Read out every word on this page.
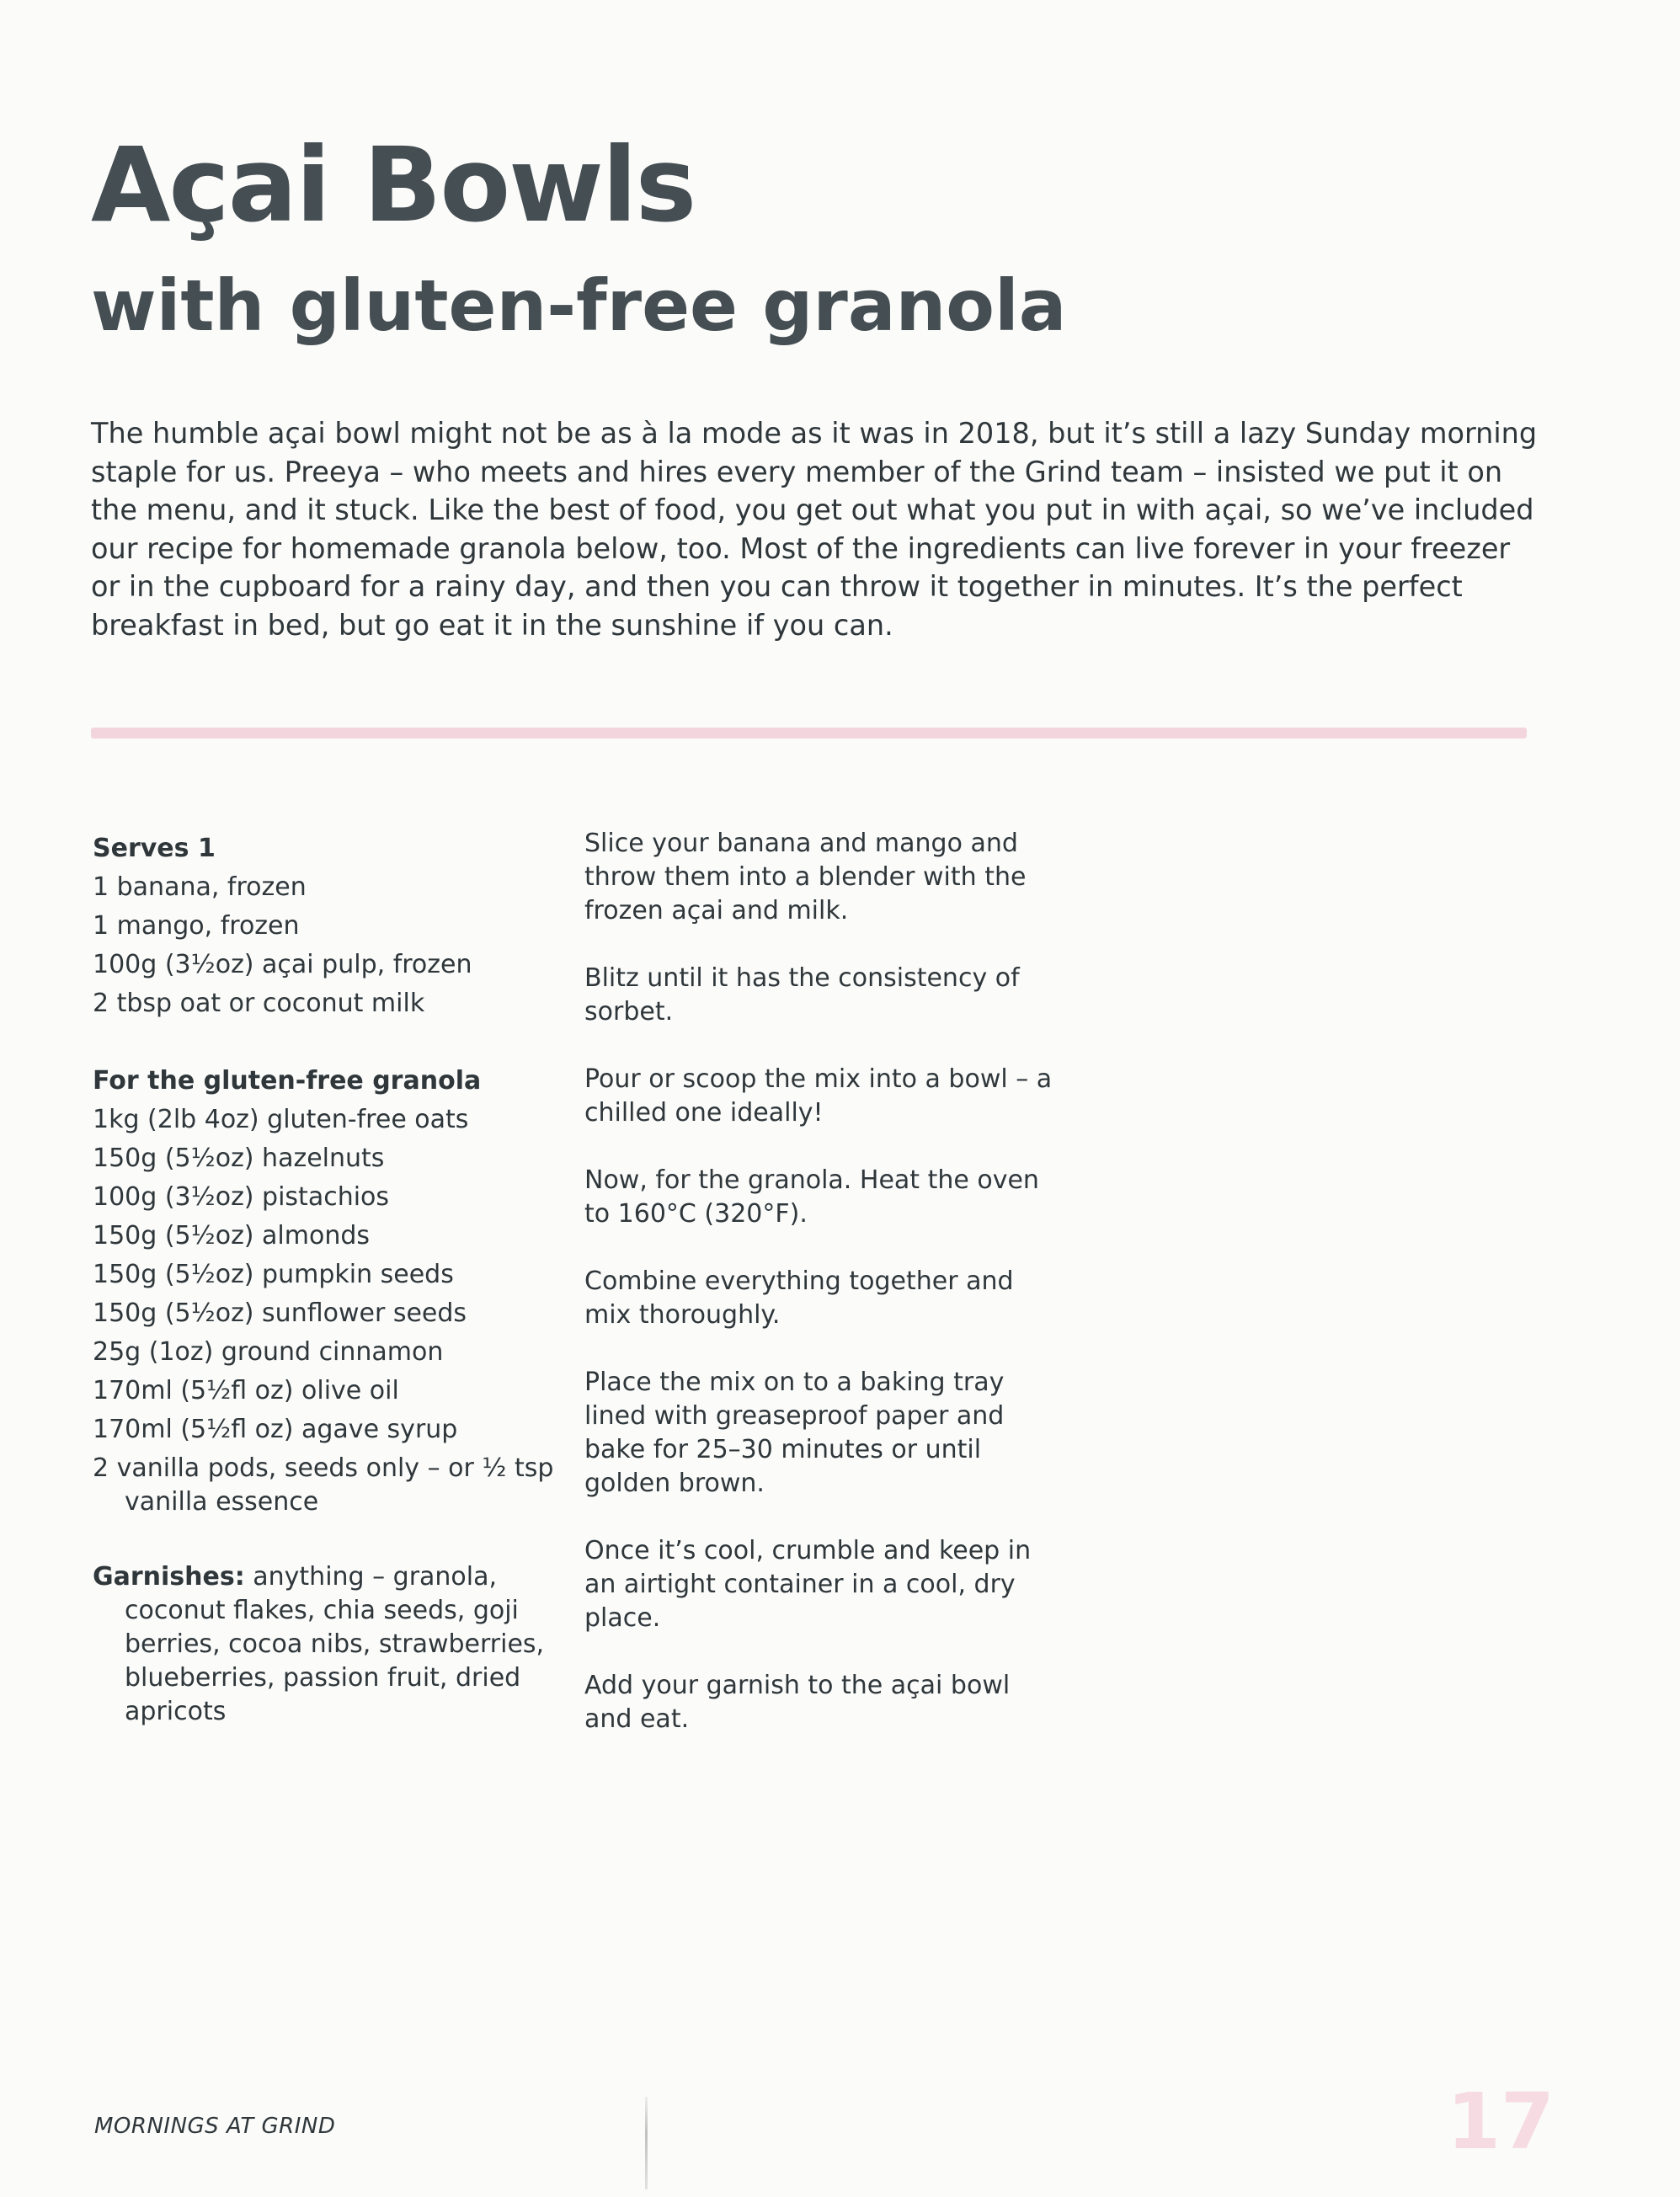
Açai Bowls
with gluten-free granola

The humble açai bowl might not be as à la mode as it was in 2018, but it’s still a lazy Sunday morning staple for us. Preeya – who meets and hires every member of the Grind team – insisted we put it on the menu, and it stuck. Like the best of food, you get out what you put in with açai, so we’ve included our recipe for homemade granola below, too. Most of the ingredients can live forever in your freezer or in the cupboard for a rainy day, and then you can throw it together in minutes. It’s the perfect breakfast in bed, but go eat it in the sunshine if you can.

Serves 1

1 banana, frozen
1 mango, frozen
100g (3½oz) açai pulp, frozen
2 tbsp oat or coconut milk

For the gluten-free granola

1kg (2lb 4oz) gluten-free oats
150g (5½oz) hazelnuts
100g (3½oz) pistachios
150g (5½oz) almonds
150g (5½oz) pumpkin seeds
150g (5½oz) sunflower seeds
25g (1oz) ground cinnamon
170ml (5½fl oz) olive oil
170ml (5½fl oz) agave syrup
2 vanilla pods, seeds only – or ½ tsp vanilla essence

Garnishes: anything – granola, coconut flakes, chia seeds, goji berries, cocoa nibs, strawberries, blueberries, passion fruit, dried apricots

Slice your banana and mango and throw them into a blender with the frozen açai and milk.

Blitz until it has the consistency of sorbet.

Pour or scoop the mix into a bowl – a chilled one ideally!

Now, for the granola. Heat the oven to 160°C (320°F).

Combine everything together and mix thoroughly.

Place the mix on to a baking tray lined with greaseproof paper and bake for 25–30 minutes or until golden brown.

Once it’s cool, crumble and keep in an airtight container in a cool, dry place.

Add your garnish to the açai bowl and eat.

MORNINGS AT GRIND	17
